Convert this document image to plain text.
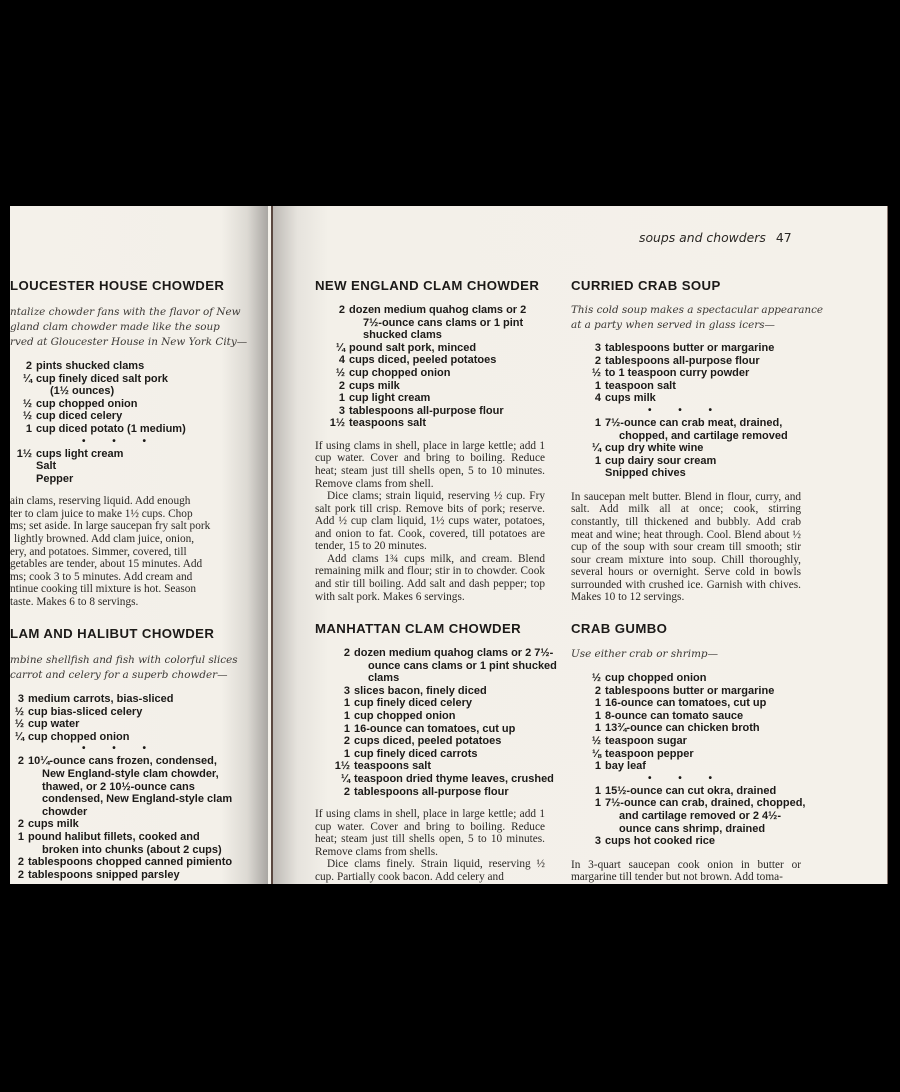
LOUCESTER HOUSE CHOWDER
ntalize chowder fans with the flavor of New
gland clam chowder made like the soup
rved at Gloucester House in New York City—
2 pints shucked clams
¼ cup finely diced salt pork
(1½ ounces)
½ cup chopped onion
½ cup diced celery
1 cup diced potato (1 medium)
• • •
1½ cups light cream
Salt
Pepper
ain clams, reserving liquid. Add enough
ter to clam juice to make 1½ cups. Chop
ms; set aside. In large saucepan fry salt pork
lightly browned. Add clam juice, onion,
ery, and potatoes. Simmer, covered, till
getables are tender, about 15 minutes. Add
ms; cook 3 to 5 minutes. Add cream and
ntinue cooking till mixture is hot. Season
taste. Makes 6 to 8 servings.
LAM AND HALIBUT CHOWDER
mbine shellfish and fish with colorful slices
carrot and celery for a superb chowder—
3 medium carrots, bias-sliced
½ cup bias-sliced celery
½ cup water
¼ cup chopped onion
• • •
2 10¼-ounce cans frozen, condensed,
New England-style clam chowder,
thawed, or 2 10½-ounce cans
condensed, New England-style clam
chowder
2 cups milk
1 pound halibut fillets, cooked and
broken into chunks (about 2 cups)
2 tablespoons chopped canned pimiento
2 tablespoons snipped parsley
soups and chowders 47
NEW ENGLAND CLAM CHOWDER
2 dozen medium quahog clams or 2
7½-ounce cans clams or 1 pint
shucked clams
¼ pound salt pork, minced
4 cups diced, peeled potatoes
½ cup chopped onion
2 cups milk
1 cup light cream
3 tablespoons all-purpose flour
1½ teaspoons salt

If using clams in shell, place in large kettle; add 1 cup water. Cover and bring to boiling. Reduce heat; steam just till shells open, 5 to 10 minutes. Remove clams from shell.

Dice clams; strain liquid, reserving ½ cup. Fry salt pork till crisp. Remove bits of pork; reserve. Add ½ cup clam liquid, 1½ cups water, potatoes, and onion to fat. Cook, covered, till potatoes are tender, 15 to 20 minutes.

Add clams 1¾ cups milk, and cream. Blend remaining milk and flour; stir in to chowder. Cook and stir till boiling. Add salt and dash pepper; top with salt pork. Makes 6 servings.

MANHATTAN CLAM CHOWDER
2 dozen medium quahog clams or 2 7½-
ounce cans clams or 1 pint shucked
clams
3 slices bacon, finely diced
1 cup finely diced celery
1 cup chopped onion
1 16-ounce can tomatoes, cut up
2 cups diced, peeled potatoes
1 cup finely diced carrots
1½ teaspoons salt
¼ teaspoon dried thyme leaves, crushed
2 tablespoons all-purpose flour

If using clams in shell, place in large kettle; add 1 cup water. Cover and bring to boiling. Reduce heat; steam just till shells open, 5 to 10 minutes. Remove clams from shells.

Dice clams finely. Strain liquid, reserving ½ cup. Partially cook bacon. Add celery and

CURRIED CRAB SOUP
This cold soup makes a spectacular appearance
at a party when served in glass icers—
3 tablespoons butter or margarine
2 tablespoons all-purpose flour
½ to 1 teaspoon curry powder
1 teaspoon salt
4 cups milk
• • •
1 7½-ounce can crab meat, drained,
chopped, and cartilage removed
¼ cup dry white wine
1 cup dairy sour cream
Snipped chives
In saucepan melt butter. Blend in flour, curry, and salt. Add milk all at once; cook, stirring constantly, till thickened and bubbly. Add crab meat and wine; heat through. Cool. Blend about ½ cup of the soup with sour cream till smooth; stir sour cream mixture into soup. Chill thoroughly, several hours or overnight. Serve cold in bowls surrounded with crushed ice. Garnish with chives. Makes 10 to 12 servings.
CRAB GUMBO
Use either crab or shrimp—
½ cup chopped onion
2 tablespoons butter or margarine
1 16-ounce can tomatoes, cut up
1 8-ounce can tomato sauce
1 13¾-ounce can chicken broth
½ teaspoon sugar
⅛ teaspoon pepper
1 bay leaf
• • •
1 15½-ounce can cut okra, drained
1 7½-ounce can crab, drained, chopped,
and cartilage removed or 2 4½-
ounce cans shrimp, drained
3 cups hot cooked rice
In 3-quart saucepan cook onion in butter or margarine till tender but not brown. Add toma-
